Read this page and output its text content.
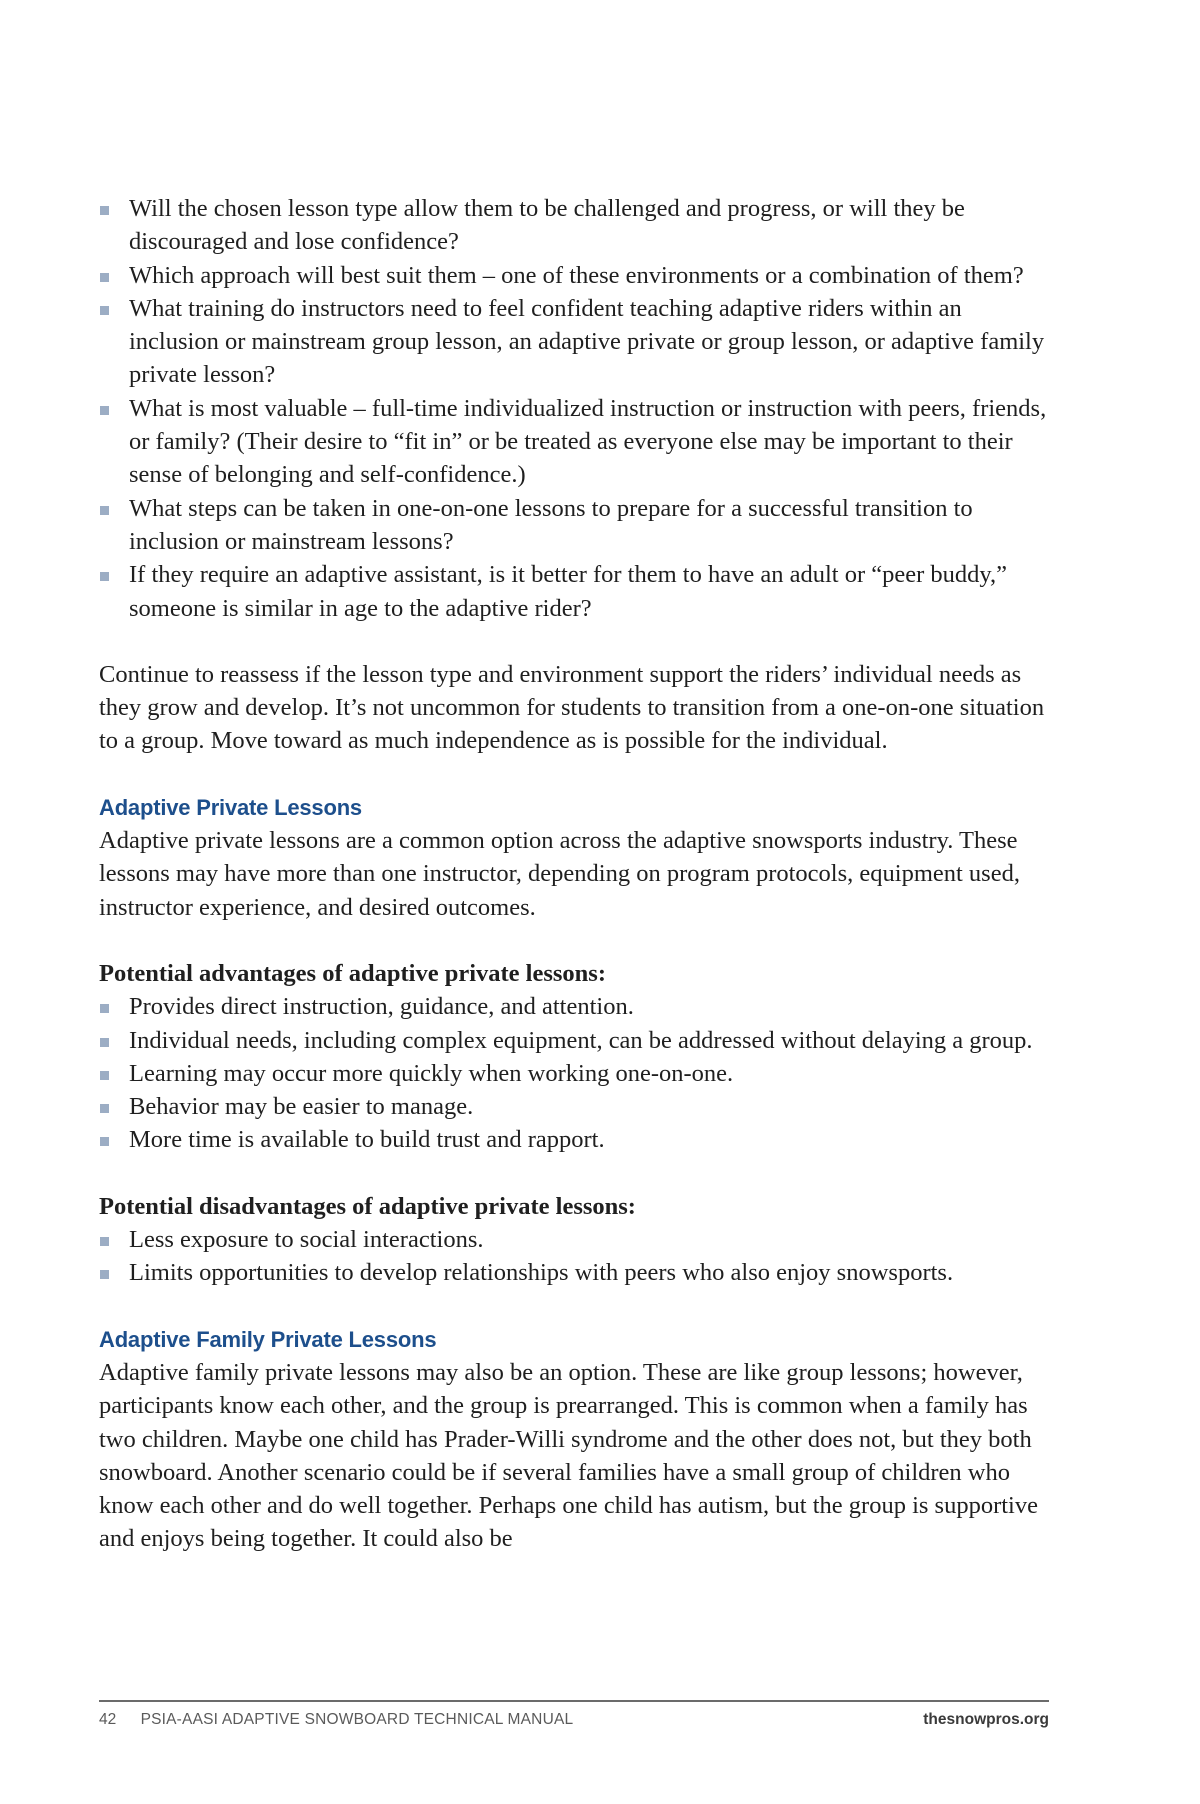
Will the chosen lesson type allow them to be challenged and progress, or will they be discouraged and lose confidence?
Which approach will best suit them – one of these environments or a combination of them?
What training do instructors need to feel confident teaching adaptive riders within an inclusion or mainstream group lesson, an adaptive private or group lesson, or adaptive family private lesson?
What is most valuable – full-time individualized instruction or instruction with peers, friends, or family? (Their desire to “fit in” or be treated as everyone else may be important to their sense of belonging and self-confidence.)
What steps can be taken in one-on-one lessons to prepare for a successful transition to inclusion or mainstream lessons?
If they require an adaptive assistant, is it better for them to have an adult or “peer buddy,” someone is similar in age to the adaptive rider?

Continue to reassess if the lesson type and environment support the riders’ individual needs as they grow and develop. It’s not uncommon for students to transition from a one-on-one situation to a group. Move toward as much independence as is possible for the individual.

Adaptive Private Lessons

Adaptive private lessons are a common option across the adaptive snowsports industry. These lessons may have more than one instructor, depending on program protocols, equipment used, instructor experience, and desired outcomes.

Potential advantages of adaptive private lessons:

Provides direct instruction, guidance, and attention.
Individual needs, including complex equipment, can be addressed without delaying a group.
Learning may occur more quickly when working one-on-one.
Behavior may be easier to manage.
More time is available to build trust and rapport.

Potential disadvantages of adaptive private lessons:

Less exposure to social interactions.
Limits opportunities to develop relationships with peers who also enjoy snowsports.
Adaptive Family Private Lessons

Adaptive family private lessons may also be an option. These are like group lessons; however, participants know each other, and the group is prearranged. This is common when a family has two children. Maybe one child has Prader-Willi syndrome and the other does not, but they both snowboard. Another scenario could be if several families have a small group of children who know each other and do well together. Perhaps one child has autism, but the group is supportive and enjoys being together. It could also be

42 PSIA-AASI ADAPTIVE SNOWBOARD TECHNICAL MANUAL	thesnowpros.org
